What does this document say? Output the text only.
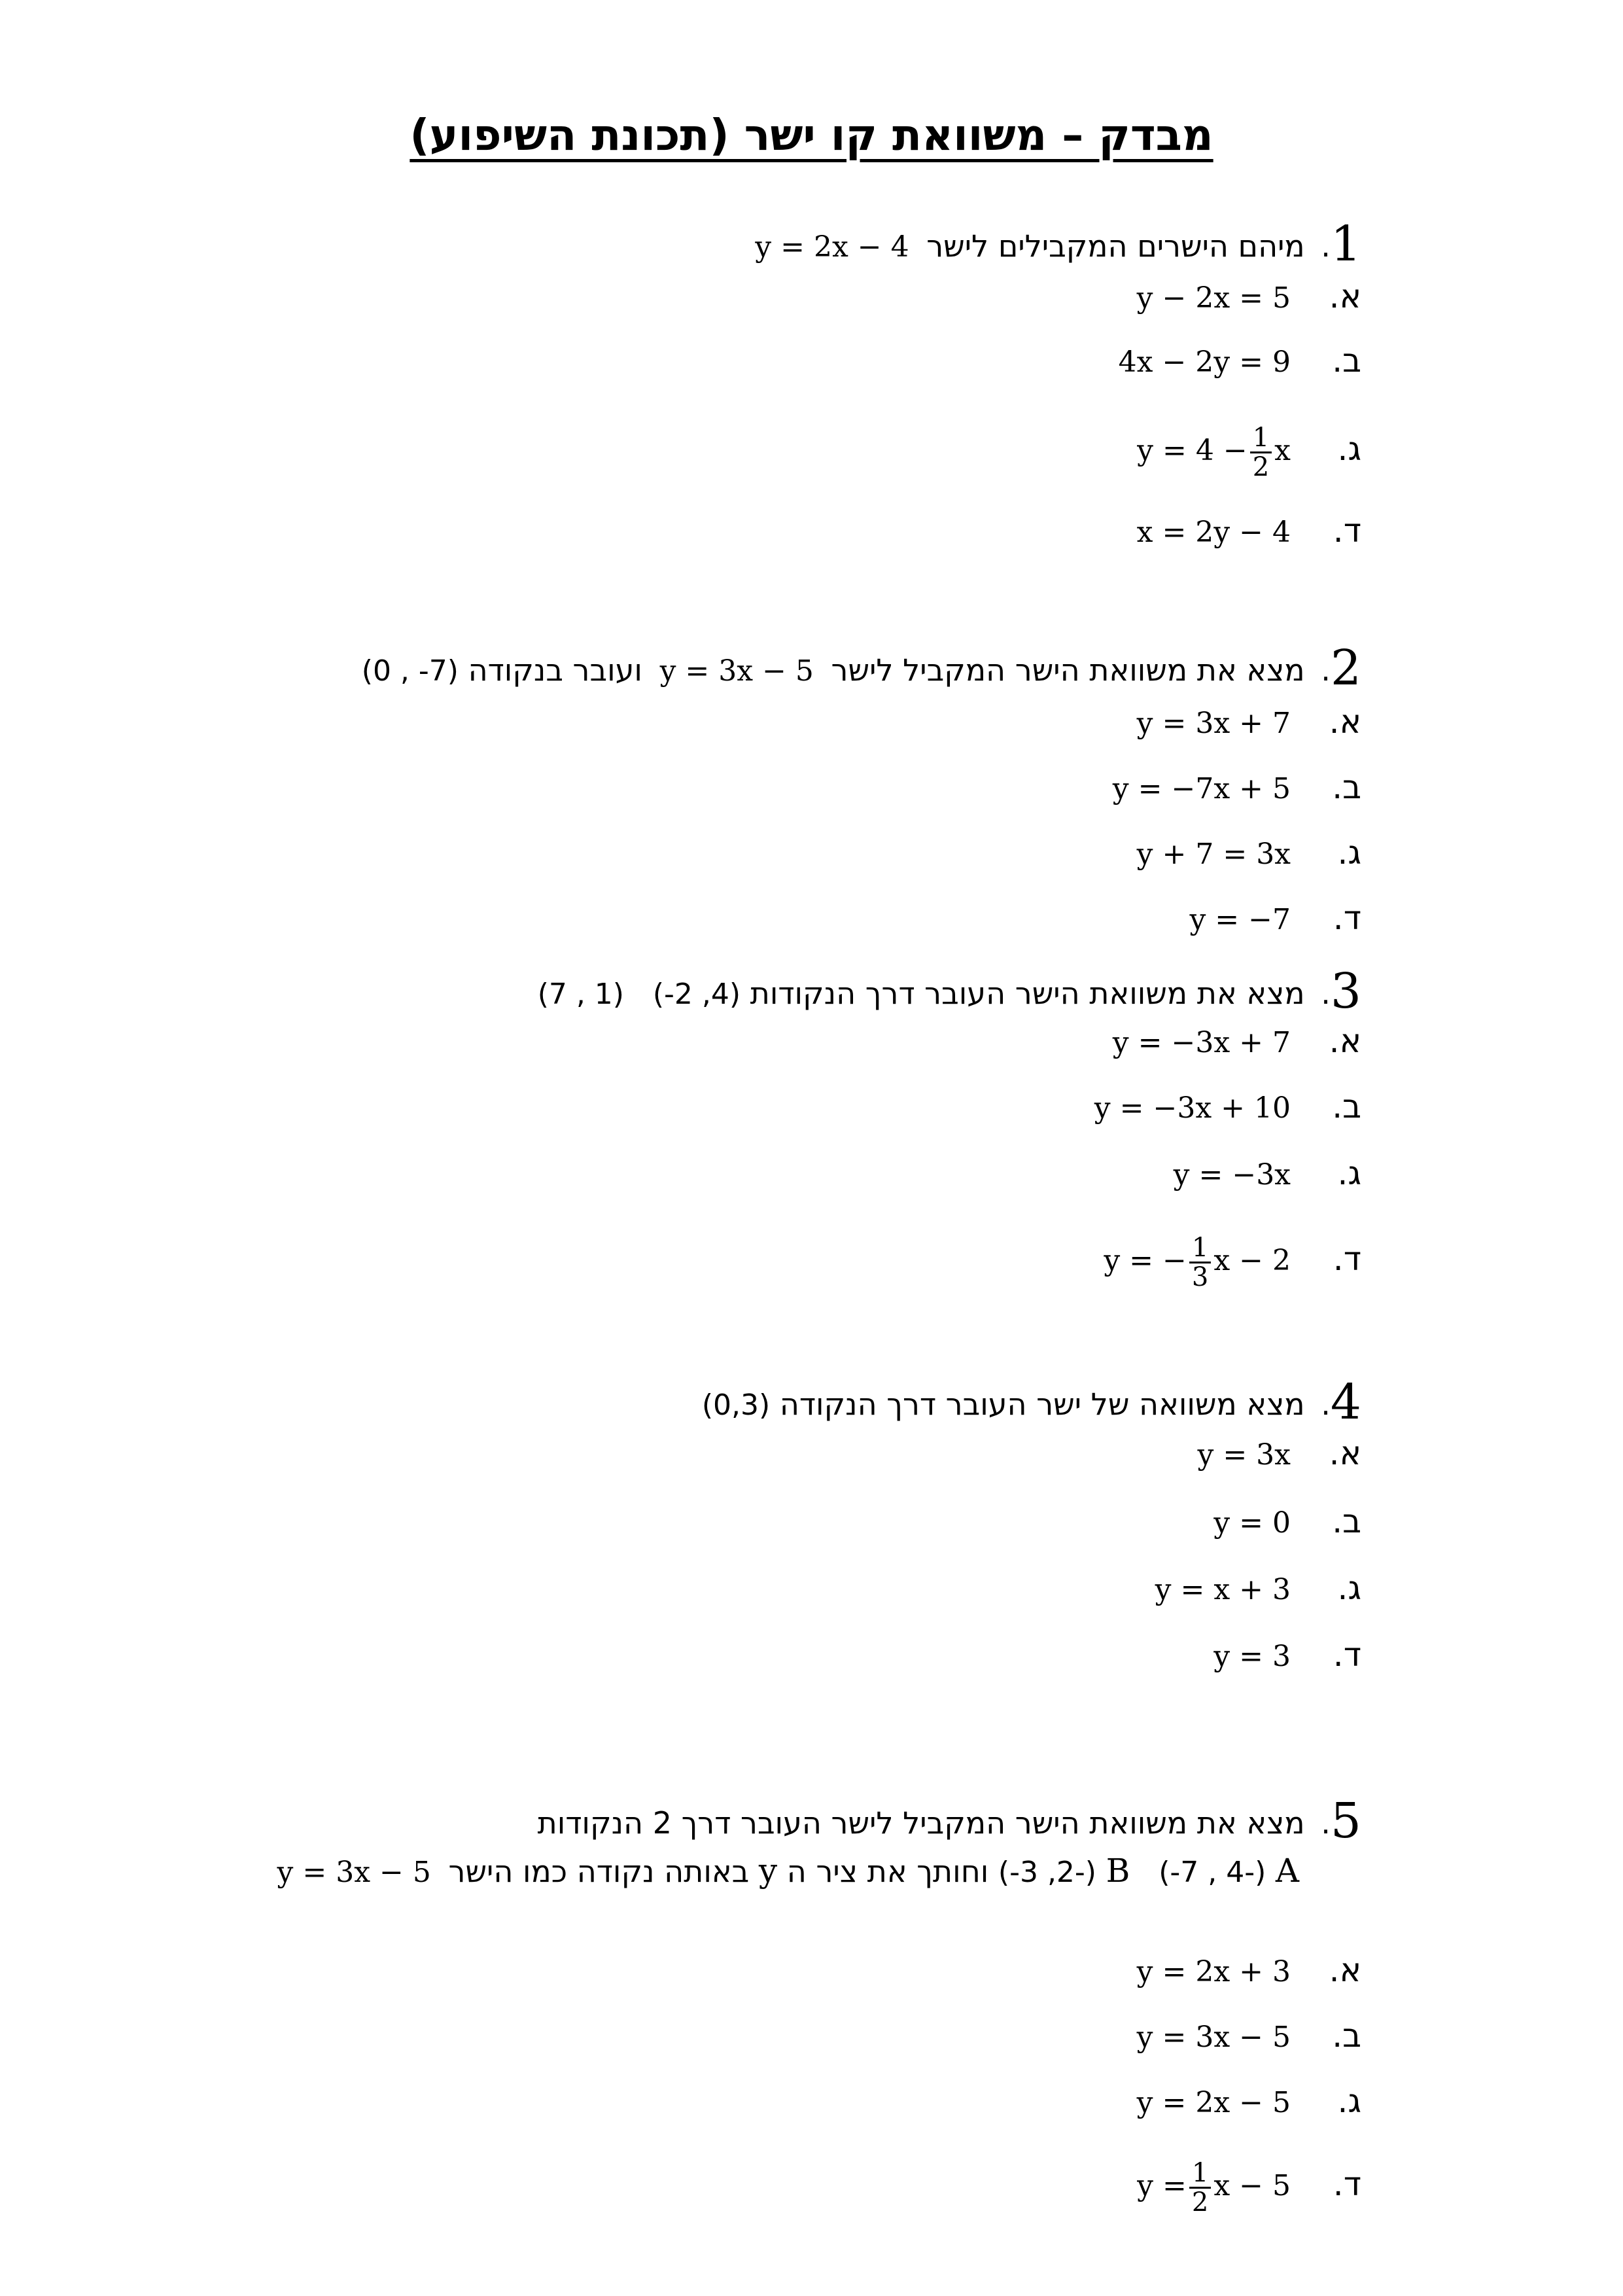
מבדק – משוואת קו ישר (תכונת השיפוע)
1. מיהם הישרים המקבילים לישר y = 2x − 4
א.y − 2x = 5
ב.4x − 2y = 9
ג.y = $4 - \frac{1}{2}$ x
ד.x = 2y − 4
2. מצא את משוואת הישר המקביל לישר y = 3x − 5 ועובר בנקודה (0 , -7)
א.y = 3x + 7
ב.y = −7x + 5
ג.y + 7 = 3x
ד.y = −7
3. מצא את משוואת הישר העובר דרך הנקודות (-2 ,4)   (7 , 1)
א.y = −3x + 7
ב.y = −3x + 10
ג.y = −3x
ד.y = − $\frac{1}{3}$ x − 2
4. מצא משוואה של ישר העובר דרך הנקודה (0,3)
א.y = 3x
ב.y = 0
ג.y = x + 3
ד.y = 3
5. מצא את משוואת הישר המקביל לישר העובר דרך 2 הנקודות
A (-7 , 4-)   B (-3 ,2-) וחותך את ציר ה y באותה נקודה כמו הישר y = 3x − 5
א.y = 2x + 3
ב.y = 3x − 5
ג.y = 2x − 5
ד.y = $\frac{1}{2}$ x − 5
